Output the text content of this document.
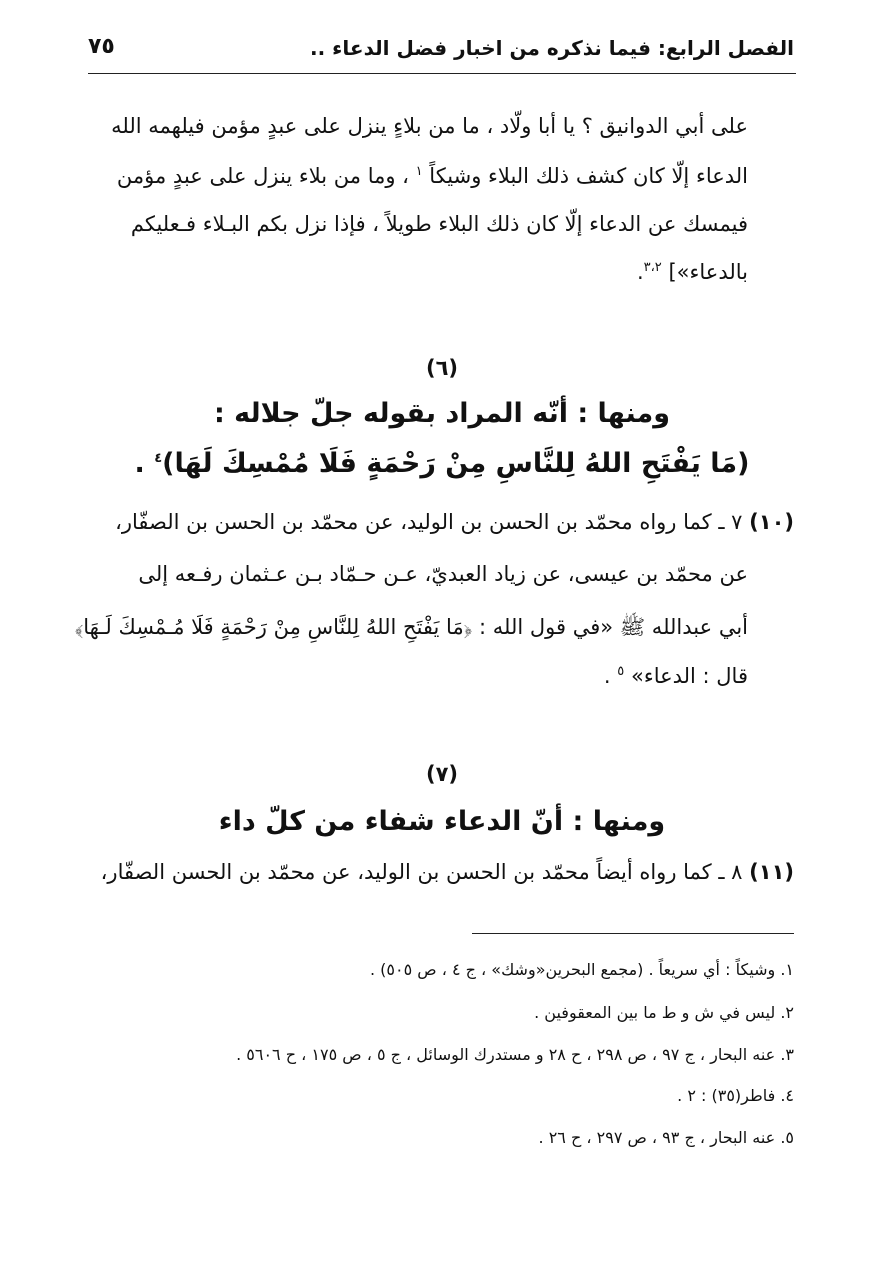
الفصل الرابع: فيما نذكره من اخبار فضل الدعاء ..
٧٥
على أبي الدوانيق ؟ يا أبا ولّاد ، ما من بلاءٍ ينزل على عبدٍ مؤمن فيلهمه الله
الدعاء إلّا كان كشف ذلك البلاء وشيكاً $^١$ ، وما من بلاء ينزل على عبدٍ مؤمن
فيمسك عن الدعاء إلّا كان ذلك البلاء طويلاً ، فإذا نزل بكم البـلاء فـعليكم
بالدعاء»] $^{٣،٢}$.
(٦)
ومنها : أنّه المراد بقوله جلّ جلاله :
(مَا يَفْتَحِ اللهُ لِلنَّاسِ مِنْ رَحْمَةٍ فَلَا مُمْسِكَ لَهَا)$^٤$ .
(١٠) ٧ ـ كما رواه محمّد بن الحسن بن الوليد، عن محمّد بن الحسن بن الصفّار،
عن محمّد بن عيسى، عن زياد العبديّ، عـن حـمّاد بـن عـثمان رفـعه إلى
أبي عبدالله ﷺ «في قول الله : ﴿مَا يَفْتَحِ اللهُ لِلنَّاسِ مِنْ رَحْمَةٍ فَلَا مُـمْسِكَ لَـهَا﴾
قال : الدعاء» $^٥$ .
(٧)
ومنها : أنّ الدعاء شفاء من كلّ داء
(١١) ٨ ـ كما رواه أيضاً محمّد بن الحسن بن الوليد، عن محمّد بن الحسن الصفّار،
١. وشيكاً : أي سريعاً . (مجمع البحرين«وشك» ، ج ٤ ، ص ٥٠٥) .
٢. ليس في ش و ط ما بين المعقوفين .
٣. عنه البحار ، ج ٩٧ ، ص ٢٩٨ ، ح ٢٨ و مستدرك الوسائل ، ج ٥ ، ص ١٧٥ ، ح ٥٦٠٦ .
٤. فاطر(٣٥) : ٢ .
٥. عنه البحار ، ج ٩٣ ، ص ٢٩٧ ، ح ٢٦ .
